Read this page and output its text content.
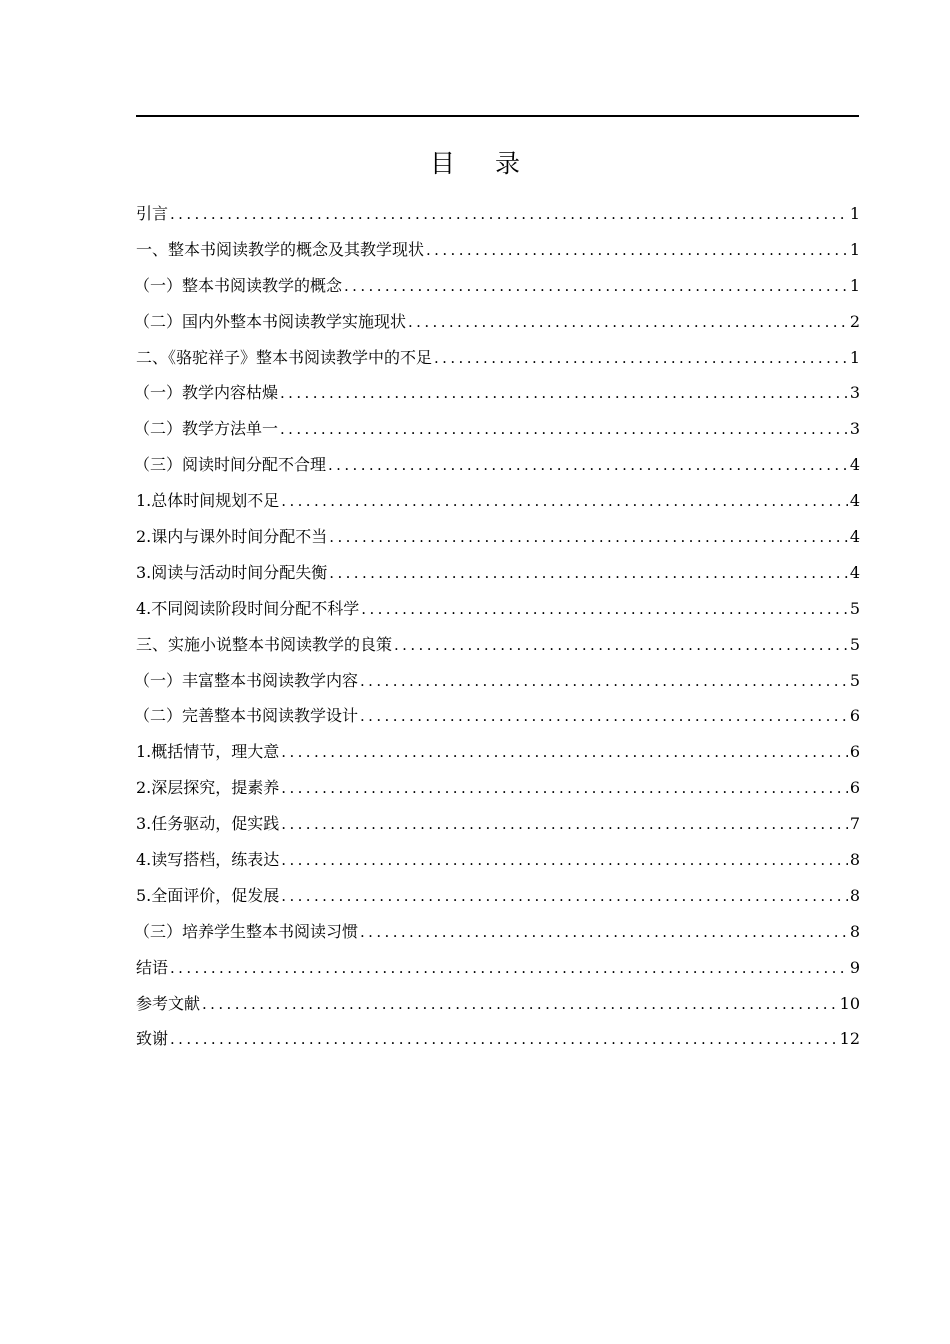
目录
引言 .....	1
一、整本书阅读教学的概念及其教学现状 .....	1
（一）整本书阅读教学的概念 .....	1
（二）国内外整本书阅读教学实施现状 .....	2
二、《骆驼祥子》整本书阅读教学中的不足 .....	1
（一）教学内容枯燥 .....	3
（二）教学方法单一 .....	3
（三）阅读时间分配不合理 .....	4
1.总体时间规划不足 .....	4
2.课内与课外时间分配不当 .....	4
3.阅读与活动时间分配失衡 .....	4
4.不同阅读阶段时间分配不科学 .....	5
三、实施小说整本书阅读教学的良策 .....	5
（一）丰富整本书阅读教学内容 .....	5
（二）完善整本书阅读教学设计 .....	6
1.概括情节，理大意 .....	6
2.深层探究，提素养 .....	6
3.任务驱动，促实践 .....	7
4.读写搭档，练表达 .....	8
5.全面评价，促发展 .....	8
（三）培养学生整本书阅读习惯 .....	8
结语 .....	9
参考文献 .....	10
致谢 .....	12
